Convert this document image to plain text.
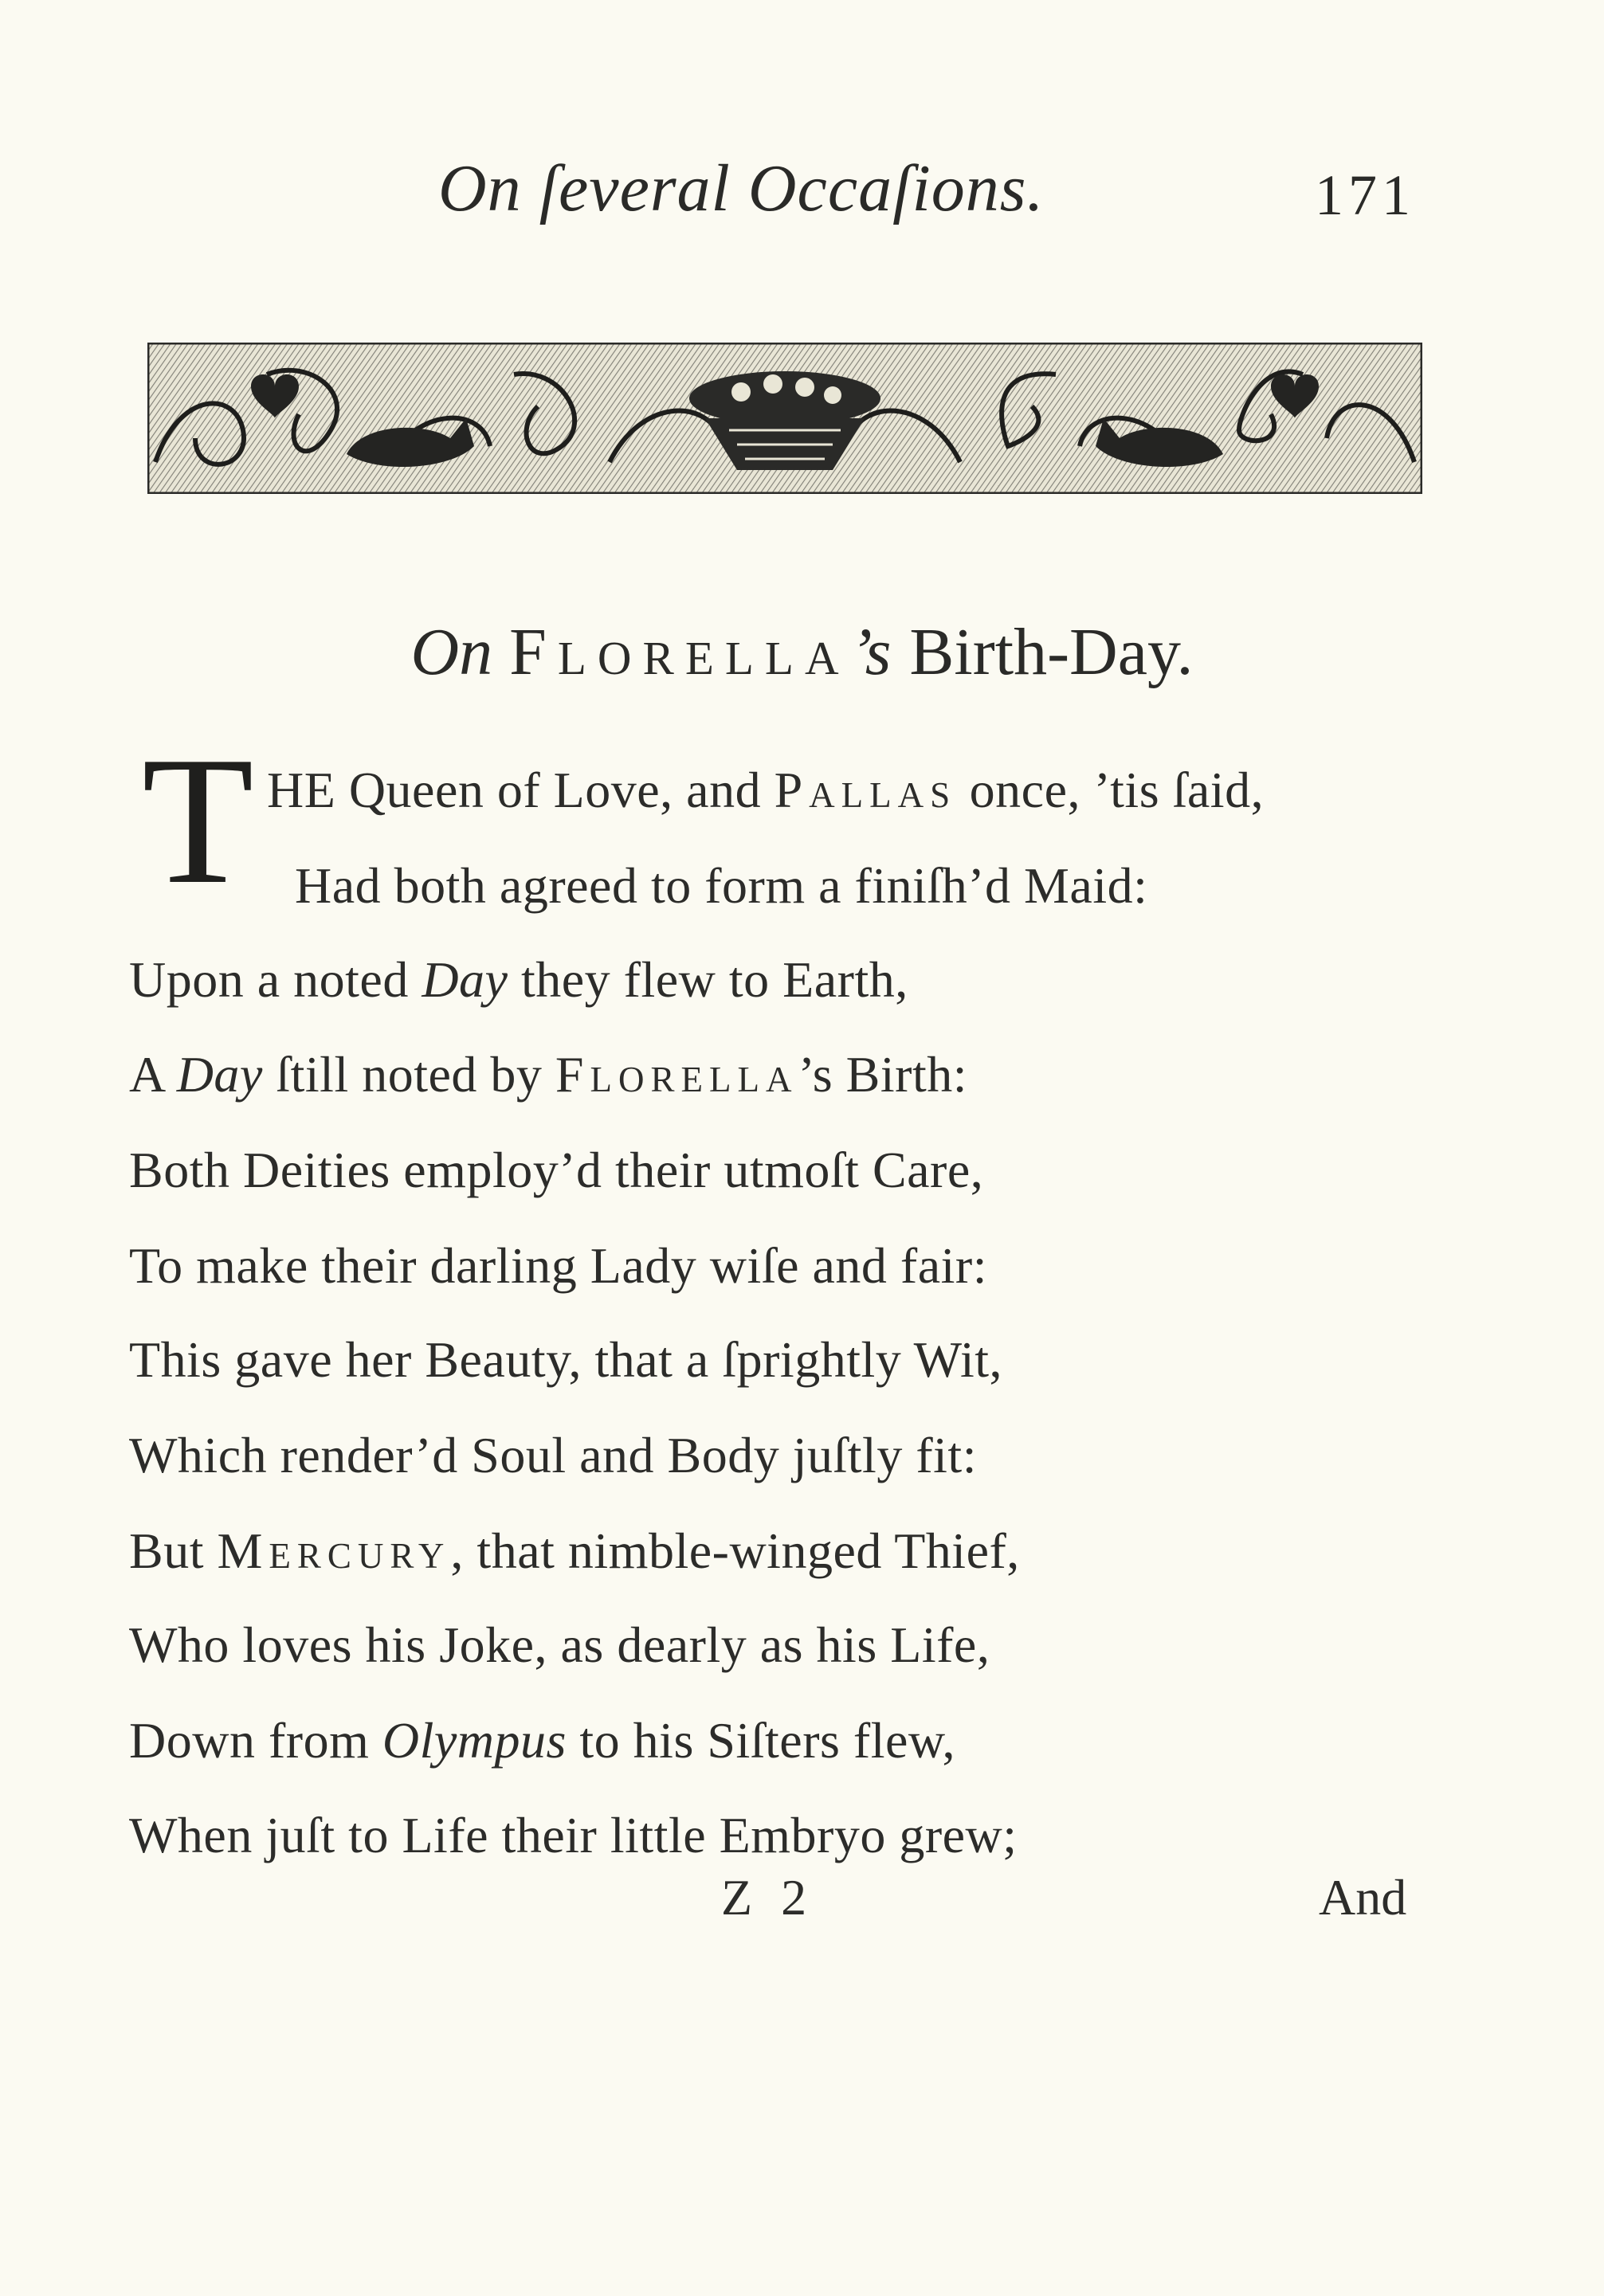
On ſeveral Occaſions.	171
On Florella’s Birth-Day.
T HE Queen of Love, and Pallas once, ’tis ſaid,
Had both agreed to form a finiſh’d Maid:
Upon a noted Day they flew to Earth,
A Day ſtill noted by Florella’s Birth:
Both Deities employ’d their utmoſt Care,
To make their darling Lady wiſe and fair:
This gave her Beauty, that a ſprightly Wit,
Which render’d Soul and Body juſtly fit:
But Mercury, that nimble-winged Thief,
Who loves his Joke, as dearly as his Life,
Down from Olympus to his Siſters flew,
When juſt to Life their little Embryo grew;
Z 2	And
